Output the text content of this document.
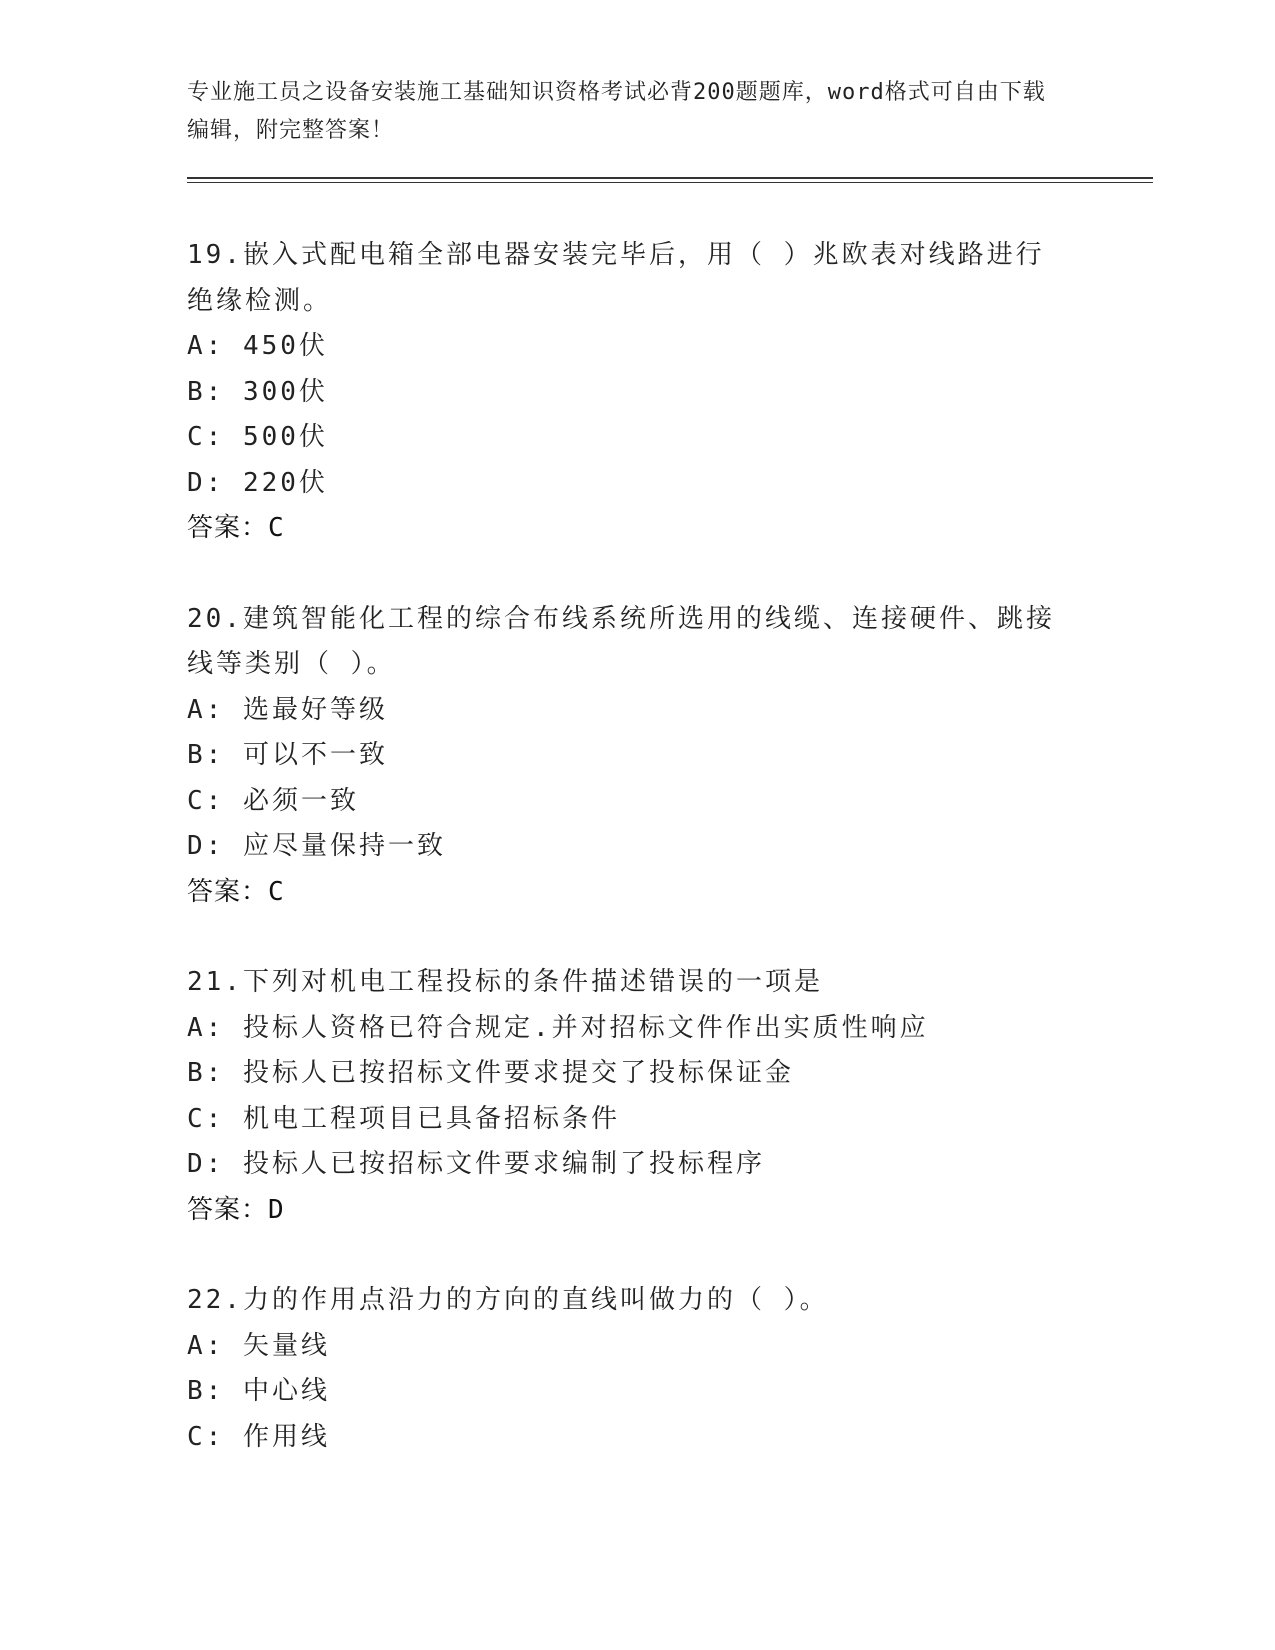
专业施工员之设备安装施工基础知识资格考试必背200题题库，word格式可自由下载编辑，附完整答案！

19.嵌入式配电箱全部电器安装完毕后，用（ ）兆欧表对线路进行绝缘检测。

A: 450伏

B: 300伏

C: 500伏

D: 220伏

答案：C

20.建筑智能化工程的综合布线系统所选用的线缆、连接硬件、跳接线等类别（ ）。

A: 选最好等级

B: 可以不一致

C: 必须一致

D: 应尽量保持一致

答案：C

21.下列对机电工程投标的条件描述错误的一项是

A: 投标人资格已符合规定.并对招标文件作出实质性响应

B: 投标人已按招标文件要求提交了投标保证金

C: 机电工程项目已具备招标条件

D: 投标人已按招标文件要求编制了投标程序

答案：D

22.力的作用点沿力的方向的直线叫做力的（ ）。

A: 矢量线

B: 中心线

C: 作用线
